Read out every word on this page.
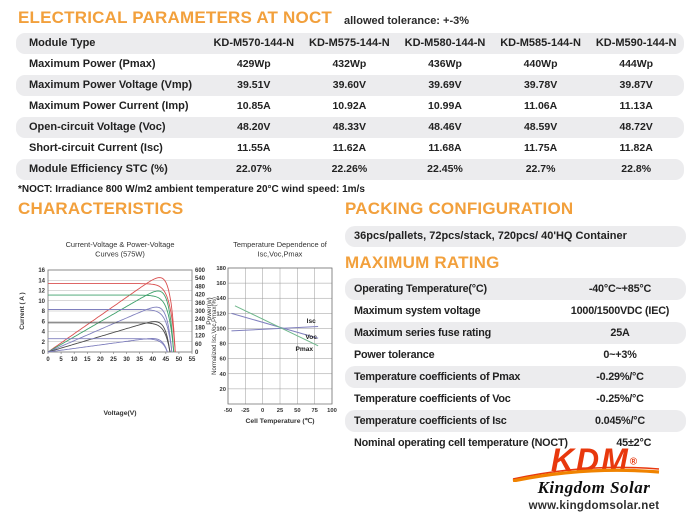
ELECTRICAL PARAMETERS AT NOCT allowed tolerance: +-3%
Module Type	KD-M570-144-N	KD-M575-144-N	KD-M580-144-N	KD-M585-144-N	KD-M590-144-N
Maximum Power (Pmax)	429Wp	432Wp	436Wp	440Wp	444Wp
Maximum Power Voltage (Vmp)	39.51V	39.60V	39.69V	39.78V	39.87V
Maximum Power Current (Imp)	10.85A	10.92A	10.99A	11.06A	11.13A
Open-circuit Voltage (Voc)	48.20V	48.33V	48.46V	48.59V	48.72V
Short-circuit Current (Isc)	11.55A	11.62A	11.68A	11.75A	11.82A
Module Efficiency STC (%)	22.07%	22.26%	22.45%	22.7%	22.8%
*NOCT: Irradiance 800 W/m2 ambient temperature 20°C wind speed: 1m/s
CHARACTERISTICS	PACKING CONFIGURATION
36pcs/pallets, 72pcs/stack, 720pcs/ 40'HQ Container
MAXIMUM RATING
Operating Temperature(°C)	-40°C~+85°C
Maximum system voltage	1000/1500VDC (IEC)
Maximum series fuse rating	25A
Power tolerance	0~+3%
Temperature coefficients of Pmax	-0.29%/°C
Temperature coefficients of Voc	-0.25%/°C
Temperature coefficients of Isc	0.045%/°C
Nominal operating cell temperature (NOCT)	45±2°C
Current-Voltage & Power-Voltage
Curves (575W)
0
2
4
6
8
10
12
14
16
0
60
120
180
240
300
360
420
480
540
600
0 5 10 15 20 25 30 35 40 45 50 55
Current ( A )	Power(w)
Voltage(V)
Temperature Dependence of
Isc,Voc,Pmax
20
40
60
80
100
120
140
160
180
-50 -25 0 25 50 75 100
Isc
Voc
Pmax
Normalized Isc,Voc,Pmax(%)
Cell Temperature (℃)
KDM®
Kingdom Solar
www.kingdomsolar.net
